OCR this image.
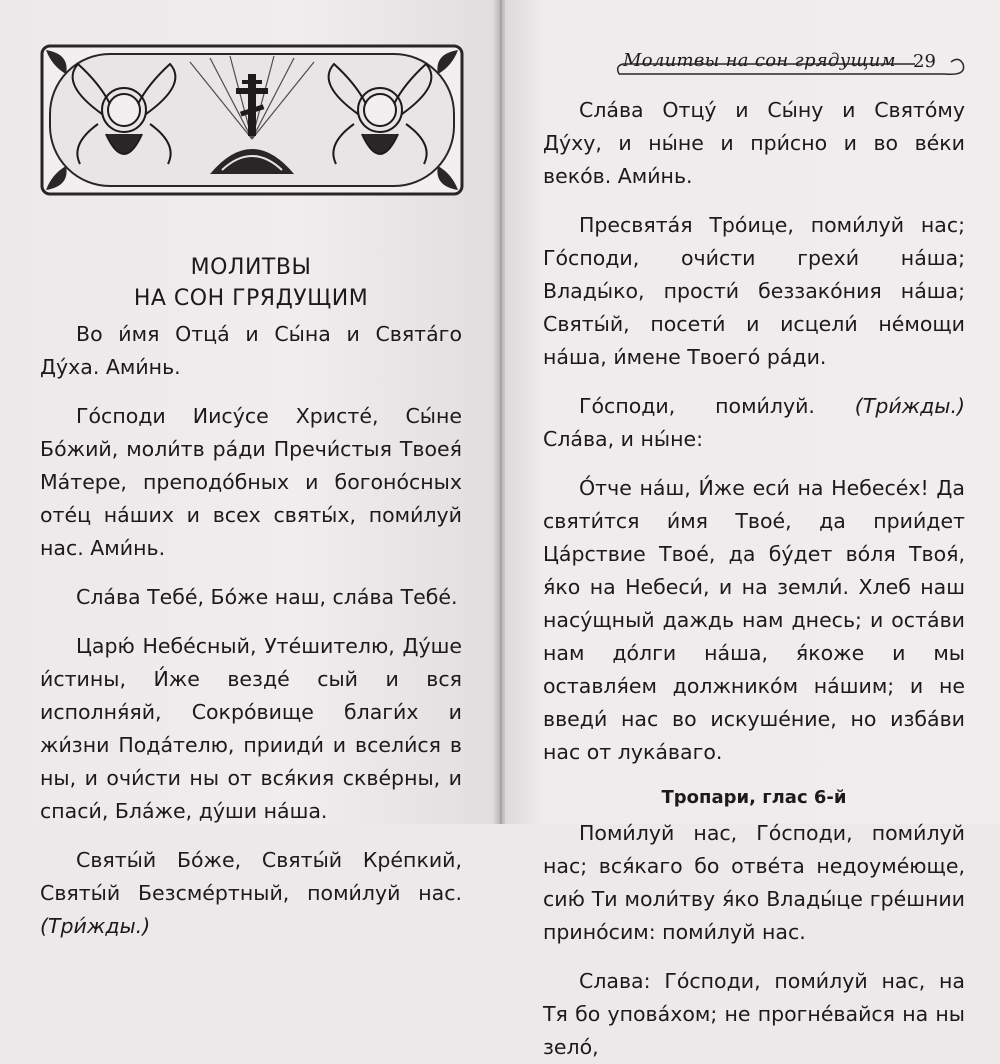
МОЛИТВЫ
НА СОН ГРЯДУЩИМ

Во и́мя Отца́ и Сы́на и Свята́го Ду́ха. Ами́нь.

Го́споди Иису́се Христе́, Сы́не Бо́жий, моли́тв ра́ди Пречи́стыя Твоея́ Ма́тере, преподо́бных и богоно́сных оте́ц на́ших и всех святы́х, поми́луй нас. Ами́нь.

Сла́ва Тебе́, Бо́же наш, сла́ва Тебе́.

Царю́ Небе́сный, Уте́шителю, Ду́ше и́стины, И́же везде́ сый и вся исполня́яй, Сокро́вище благи́х и жи́зни Пода́телю, прииди́ и всели́ся в ны, и очи́сти ны от вся́кия скве́рны, и спаси́, Бла́же, ду́ши на́ша.

Святы́й Бо́же, Святы́й Кре́пкий, Святы́й Безсме́ртный, поми́луй нас. (Три́жды.)

Молитвы на сон грядущим 29

Сла́ва Отцу́ и Сы́ну и Свято́му Ду́ху, и ны́не и при́сно и во ве́ки веко́в. Ами́нь.

Пресвята́я Тро́ице, поми́луй нас; Го́споди, очи́сти грехи́ на́ша; Влады́ко, прости́ беззако́ния на́ша; Святы́й, посети́ и исцели́ не́мощи на́ша, и́мене Твоего́ ра́ди.

Го́споди, поми́луй. (Три́жды.) Сла́ва, и ны́не:

О́тче на́ш, И́же еси́ на Небесе́х! Да святи́тся и́мя Твое́, да прии́дет Ца́рствие Твое́, да бу́дет во́ля Твоя́, я́ко на Небеси́, и на земли́. Хлеб наш насу́щный даждь нам днесь; и оста́ви нам до́лги на́ша, я́коже и мы оставля́ем должнико́м на́шим; и не введи́ нас во искуше́ние, но изба́ви нас от лука́ваго.

Тропари, глас 6-й

Поми́луй нас, Го́споди, поми́луй нас; вся́каго бо отве́та недоуме́юще, сию́ Ти моли́тву я́ко Влады́це гре́шнии прино́сим: поми́луй нас.

Слава: Го́споди, поми́луй нас, на Тя бо упова́хом; не прогне́вайся на ны зело́,
